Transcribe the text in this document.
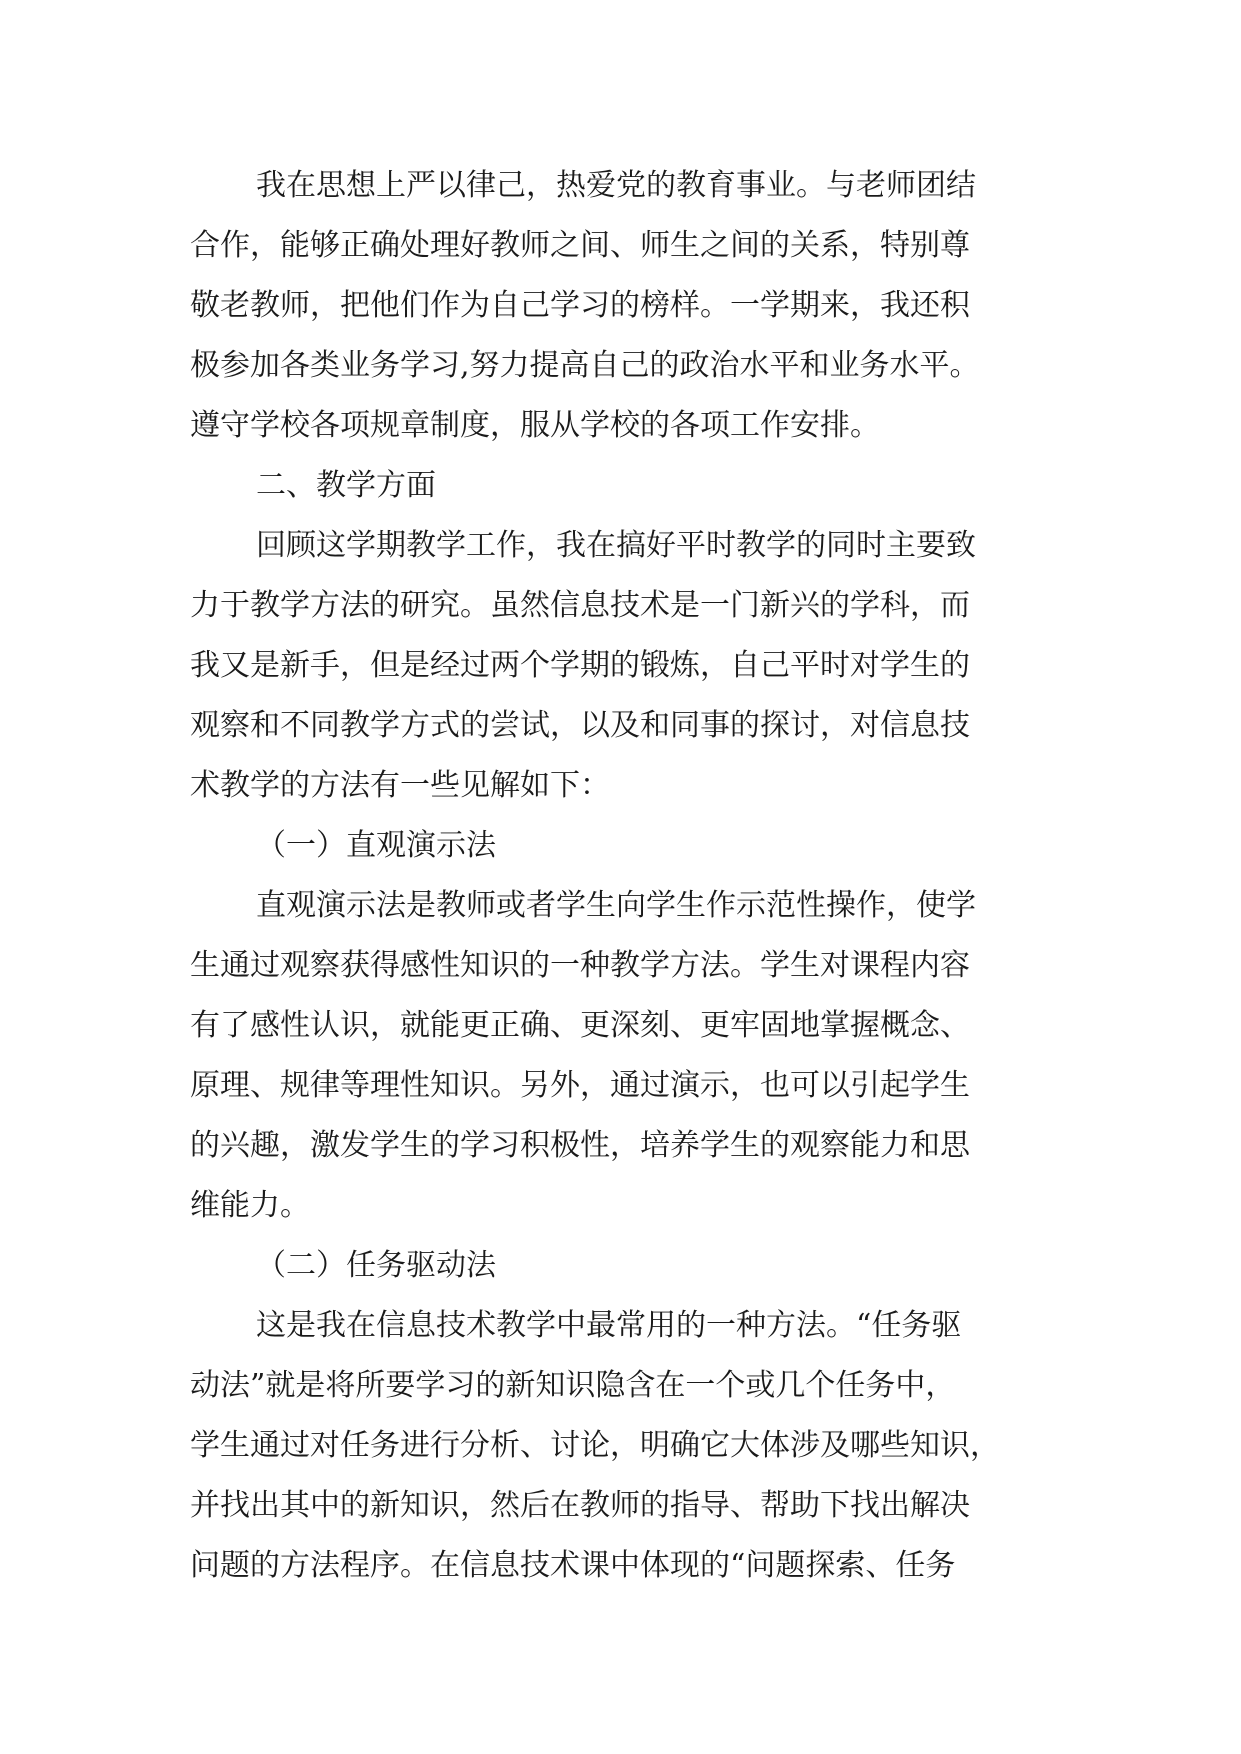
我在思想上严以律己，热爱党的教育事业。与老师团结
合作，能够正确处理好教师之间、师生之间的关系，特别尊
敬老教师，把他们作为自己学习的榜样。一学期来，我还积
极参加各类业务学习,努力提高自己的政治水平和业务水平。
遵守学校各项规章制度，服从学校的各项工作安排。
二、教学方面
回顾这学期教学工作，我在搞好平时教学的同时主要致
力于教学方法的研究。虽然信息技术是一门新兴的学科，而
我又是新手，但是经过两个学期的锻炼，自己平时对学生的
观察和不同教学方式的尝试，以及和同事的探讨，对信息技
术教学的方法有一些见解如下：
（一）直观演示法
直观演示法是教师或者学生向学生作示范性操作，使学
生通过观察获得感性知识的一种教学方法。学生对课程内容
有了感性认识，就能更正确、更深刻、更牢固地掌握概念、
原理、规律等理性知识。另外，通过演示，也可以引起学生
的兴趣，激发学生的学习积极性，培养学生的观察能力和思
维能力。
（二）任务驱动法
这是我在信息技术教学中最常用的一种方法。“任务驱
动法”就是将所要学习的新知识隐含在一个或几个任务中，
学生通过对任务进行分析、讨论，明确它大体涉及哪些知识，
并找出其中的新知识，然后在教师的指导、帮助下找出解决
问题的方法程序。在信息技术课中体现的“问题探索、任务
